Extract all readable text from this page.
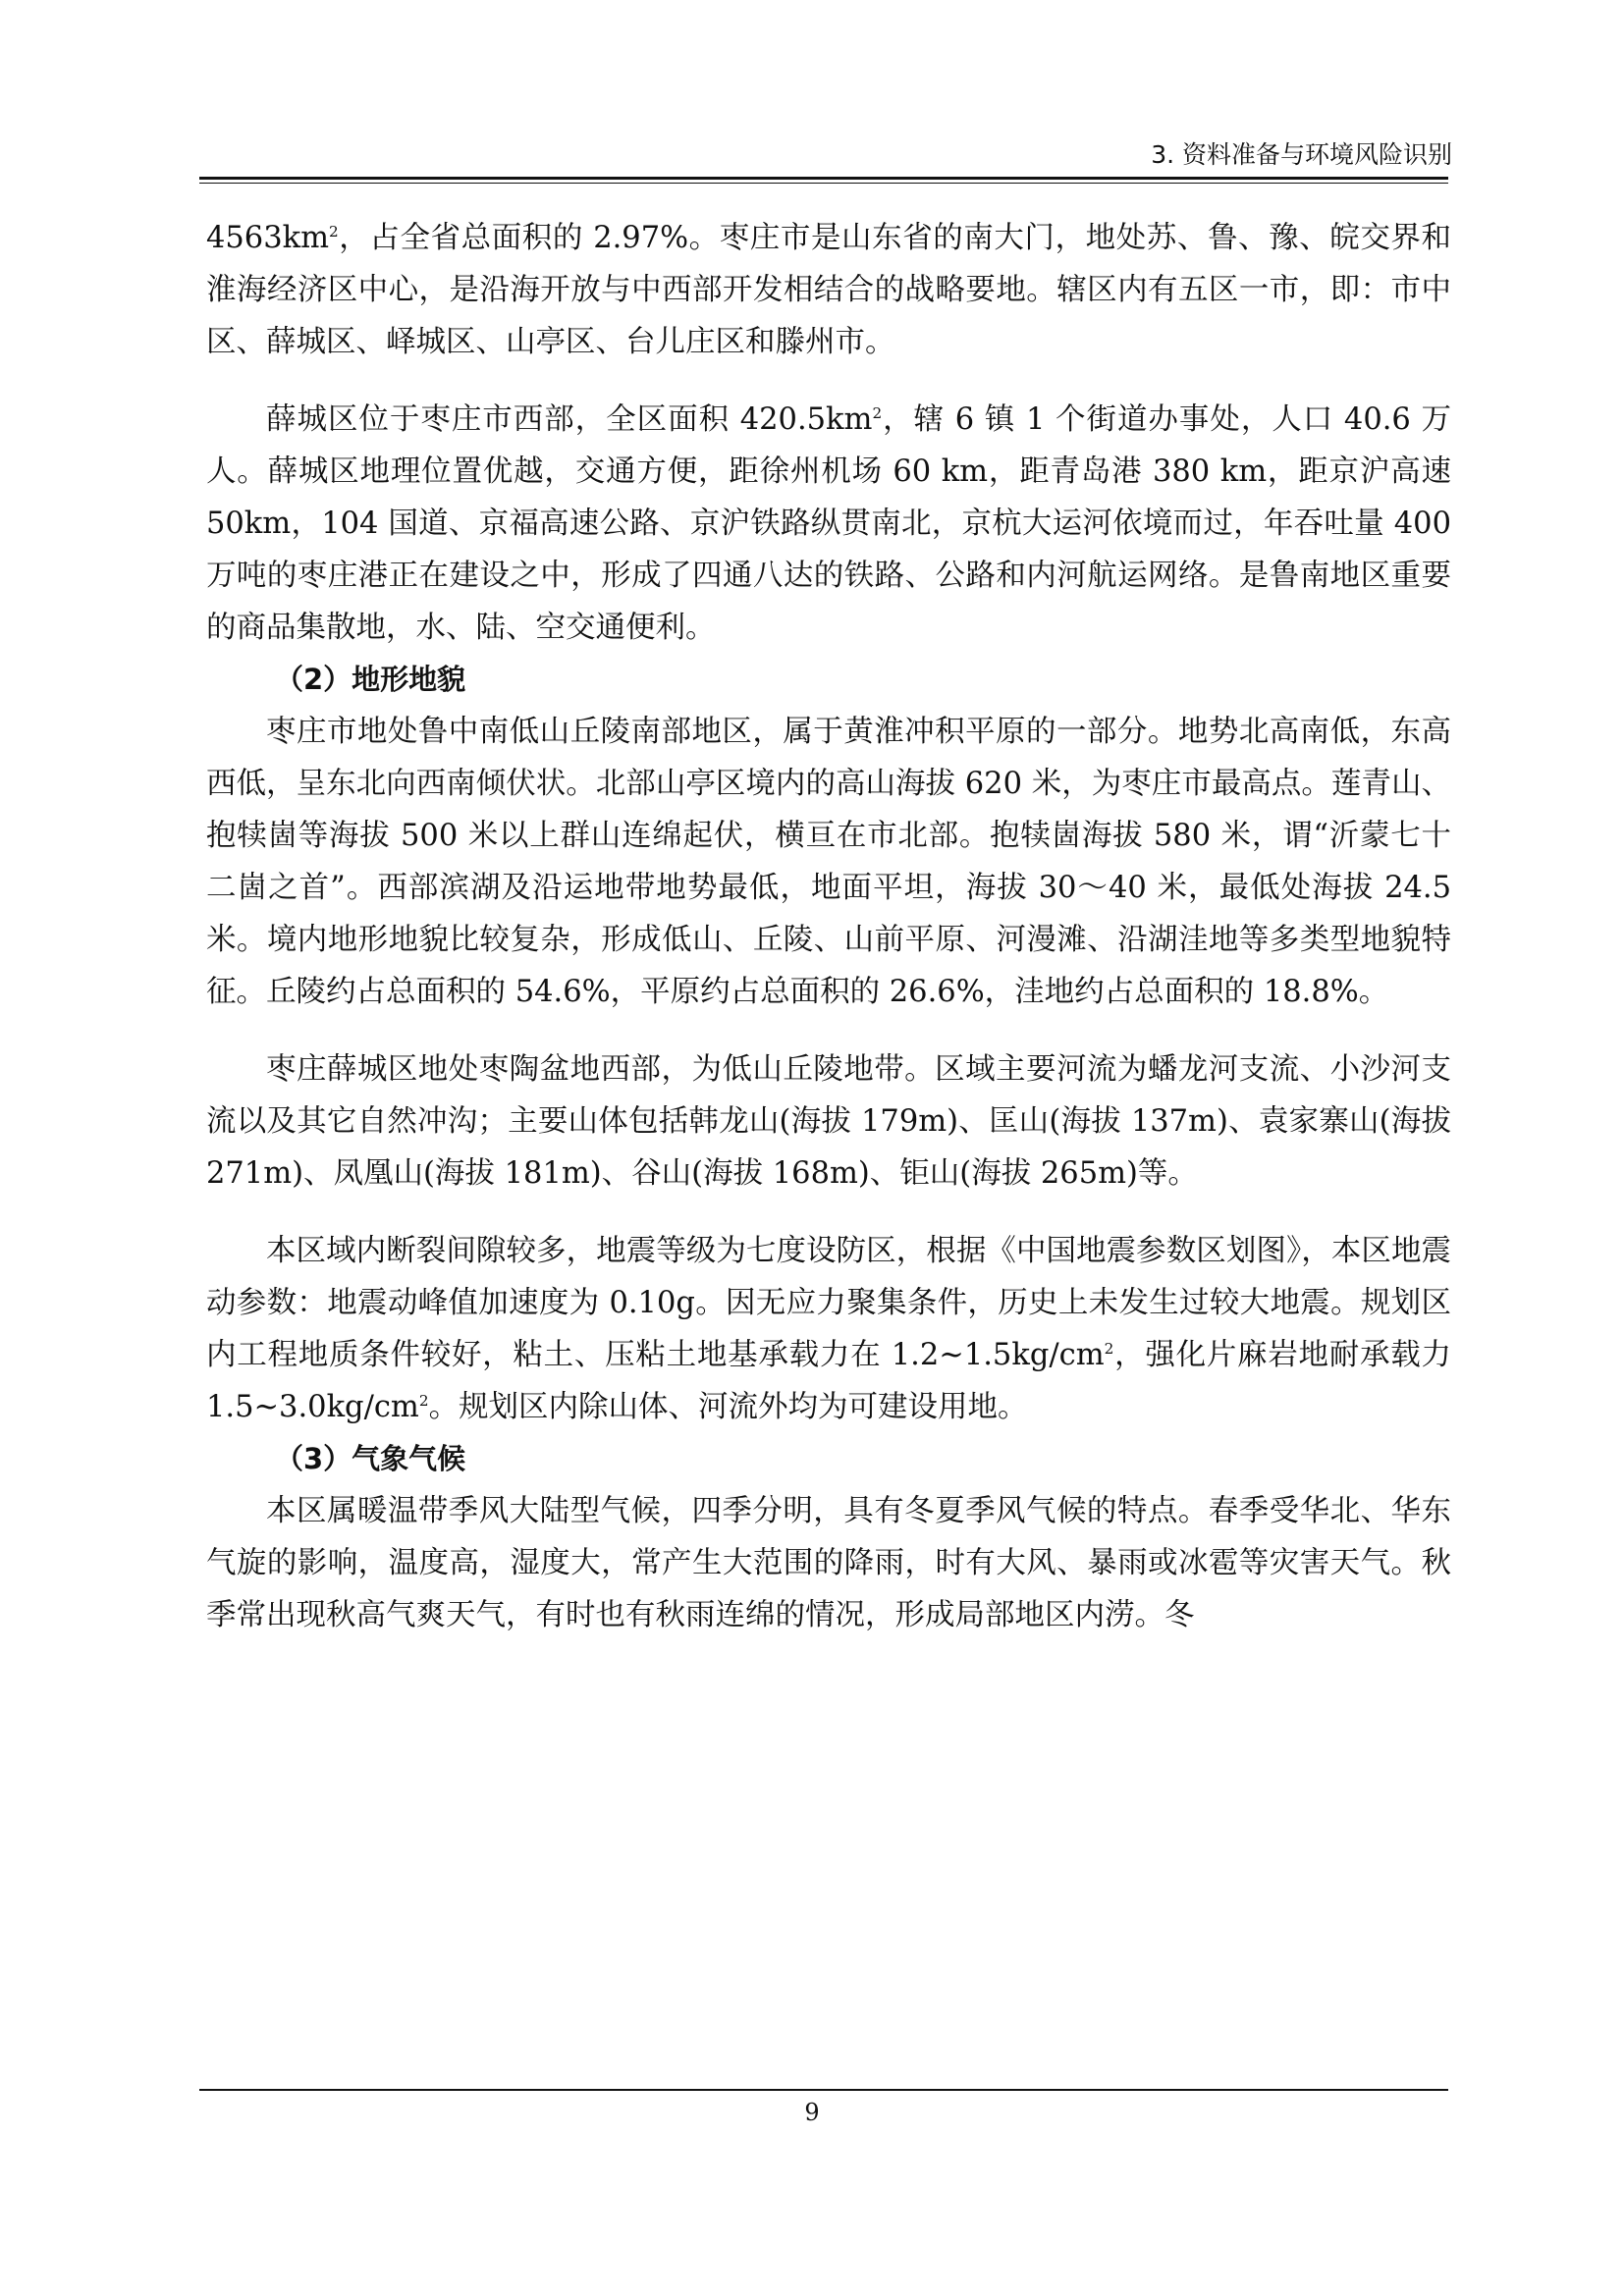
3. 资料准备与环境风险识别

$4563km^2$，占全省总面积的 2.97%。枣庄市是山东省的南大门，地处苏、鲁、豫、皖交界和淮海经济区中心，是沿海开放与中西部开发相结合的战略要地。辖区内有五区一市，即：市中区、薛城区、峄城区、山亭区、台儿庄区和滕州市。

薛城区位于枣庄市西部，全区面积 $420.5km^2$，辖 6 镇 1 个街道办事处，人口 40.6 万人。薛城区地理位置优越，交通方便，距徐州机场 60 km，距青岛港 380 km，距京沪高速 50km，104 国道、京福高速公路、京沪铁路纵贯南北，京杭大运河依境而过，年吞吐量 400 万吨的枣庄港正在建设之中，形成了四通八达的铁路、公路和内河航运网络。是鲁南地区重要的商品集散地，水、陆、空交通便利。

（2）地形地貌

枣庄市地处鲁中南低山丘陵南部地区，属于黄淮冲积平原的一部分。地势北高南低，东高西低，呈东北向西南倾伏状。北部山亭区境内的高山海拔 620 米，为枣庄市最高点。莲青山、抱犊崮等海拔 500 米以上群山连绵起伏，横亘在市北部。抱犊崮海拔 580 米，谓“沂蒙七十二崮之首”。西部滨湖及沿运地带地势最低，地面平坦，海拔 30～40 米，最低处海拔 24.5 米。境内地形地貌比较复杂，形成低山、丘陵、山前平原、河漫滩、沿湖洼地等多类型地貌特征。丘陵约占总面积的 54.6%，平原约占总面积的 26.6%，洼地约占总面积的 18.8%。

枣庄薛城区地处枣陶盆地西部，为低山丘陵地带。区域主要河流为蟠龙河支流、小沙河支流以及其它自然冲沟；主要山体包括韩龙山(海拔 179m)、匡山(海拔 137m)、袁家寨山(海拔 271m)、凤凰山(海拔 181m)、谷山(海拔 168m)、钜山(海拔 265m)等。

本区域内断裂间隙较多，地震等级为七度设防区，根据《中国地震参数区划图》，本区地震动参数：地震动峰值加速度为 0.10g。因无应力聚集条件，历史上未发生过较大地震。规划区内工程地质条件较好，粘土、压粘土地基承载力在 $1.2\sim 1.5kg/cm^2$，强化片麻岩地耐承载力 $1.5\sim 3.0kg/cm^2$。规划区内除山体、河流外均为可建设用地。

（3）气象气候

本区属暖温带季风大陆型气候，四季分明，具有冬夏季风气候的特点。春季受华北、华东气旋的影响，温度高，湿度大，常产生大范围的降雨，时有大风、暴雨或冰雹等灾害天气。秋季常出现秋高气爽天气，有时也有秋雨连绵的情况，形成局部地区内涝。冬

9
